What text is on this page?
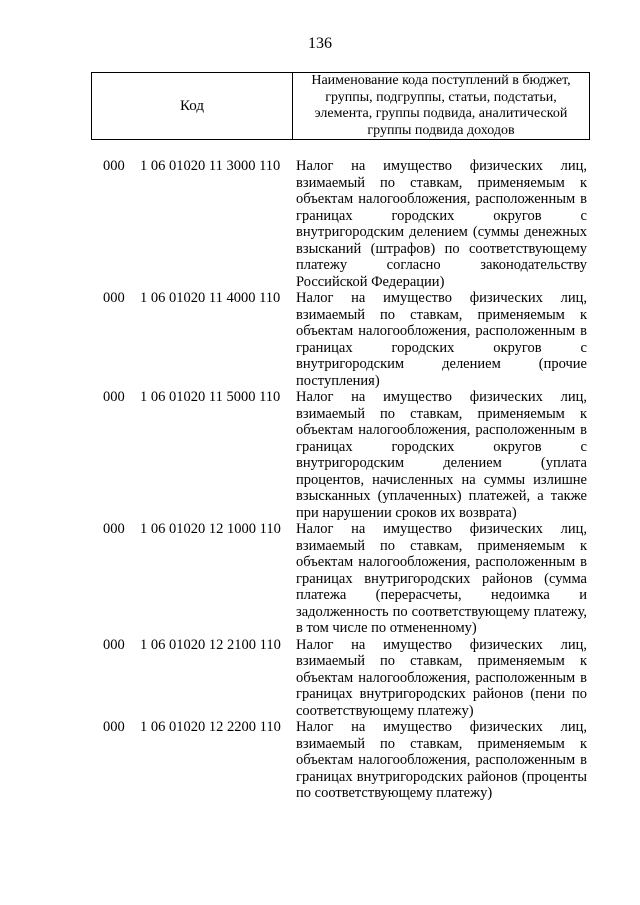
136
Код
Наименование кода поступлений в бюджет, группы, подгруппы, статьи, подстатьи, элемента, группы подвида, аналитической группы подвида доходов
000 1 06 01020 11 3000 110 Налог на имущество физических лиц, взимаемый по ставкам, применяемым к объектам налогообложения, расположенным в границах городских округов с внутригородским делением (суммы денежных взысканий (штрафов) по соответствующему платежу согласно законодательству Российской Федерации)
000 1 06 01020 11 4000 110 Налог на имущество физических лиц, взимаемый по ставкам, применяемым к объектам налогообложения, расположенным в границах городских округов с внутригородским делением (прочие поступления)
000 1 06 01020 11 5000 110 Налог на имущество физических лиц, взимаемый по ставкам, применяемым к объектам налогообложения, расположенным в границах городских округов с внутригородским делением (уплата процентов, начисленных на суммы излишне взысканных (уплаченных) платежей, а также при нарушении сроков их возврата)
000 1 06 01020 12 1000 110 Налог на имущество физических лиц, взимаемый по ставкам, применяемым к объектам налогообложения, расположенным в границах внутригородских районов (сумма платежа (перерасчеты, недоимка и задолженность по соответствующему платежу, в том числе по отмененному)
000 1 06 01020 12 2100 110 Налог на имущество физических лиц, взимаемый по ставкам, применяемым к объектам налогообложения, расположенным в границах внутригородских районов (пени по соответствующему платежу)
000 1 06 01020 12 2200 110 Налог на имущество физических лиц, взимаемый по ставкам, применяемым к объектам налогообложения, расположенным в границах внутригородских районов (проценты по соответствующему платежу)
